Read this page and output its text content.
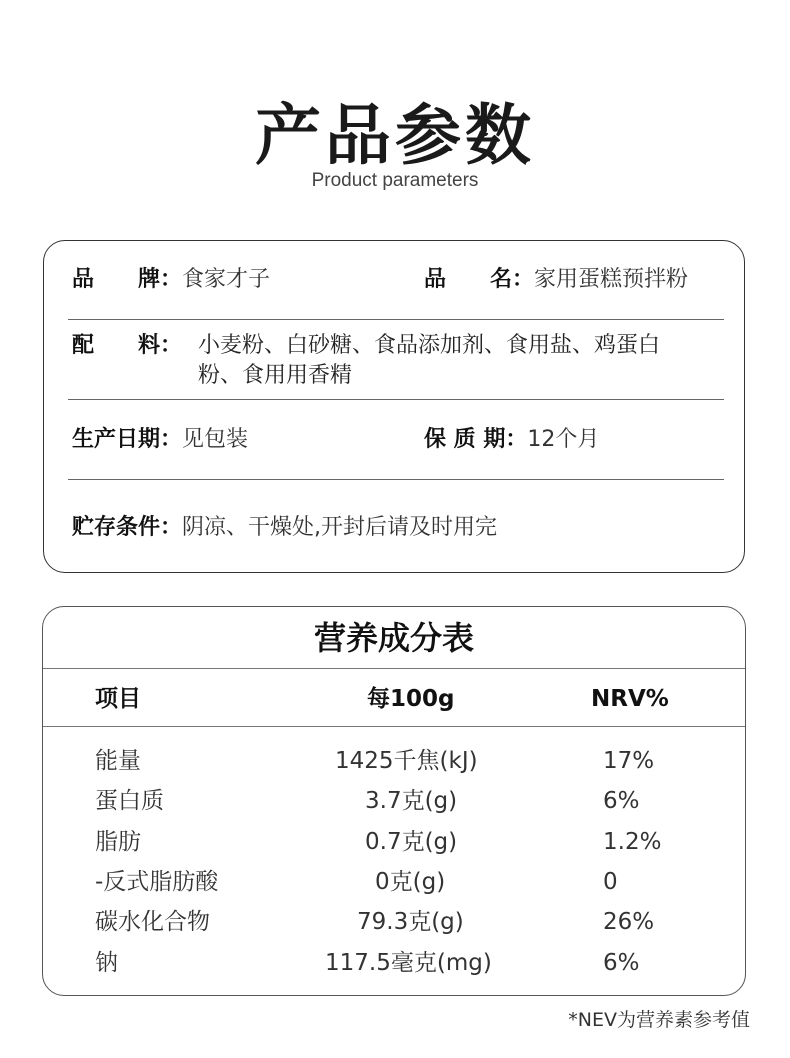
产品参数
Product parameters
品　　牌：食家才子	品　　名：家用蛋糕预拌粉
配　　料： 小麦粉、白砂糖、食品添加剂、食用盐、鸡蛋白
粉、食用用香精
生产日期：见包装	保 质 期：12个月
贮存条件：阴凉、干燥处,开封后请及时用完
营养成分表
项目	每100g	NRV%
能量	1425千焦(kJ)	17%
蛋白质	3.7克(g)	6%
脂肪	0.7克(g)	1.2%
-反式脂肪酸	0克(g)	0
碳水化合物	79.3克(g)	26%
钠	117.5毫克(mg)	6%
*NEV为营养素参考值
